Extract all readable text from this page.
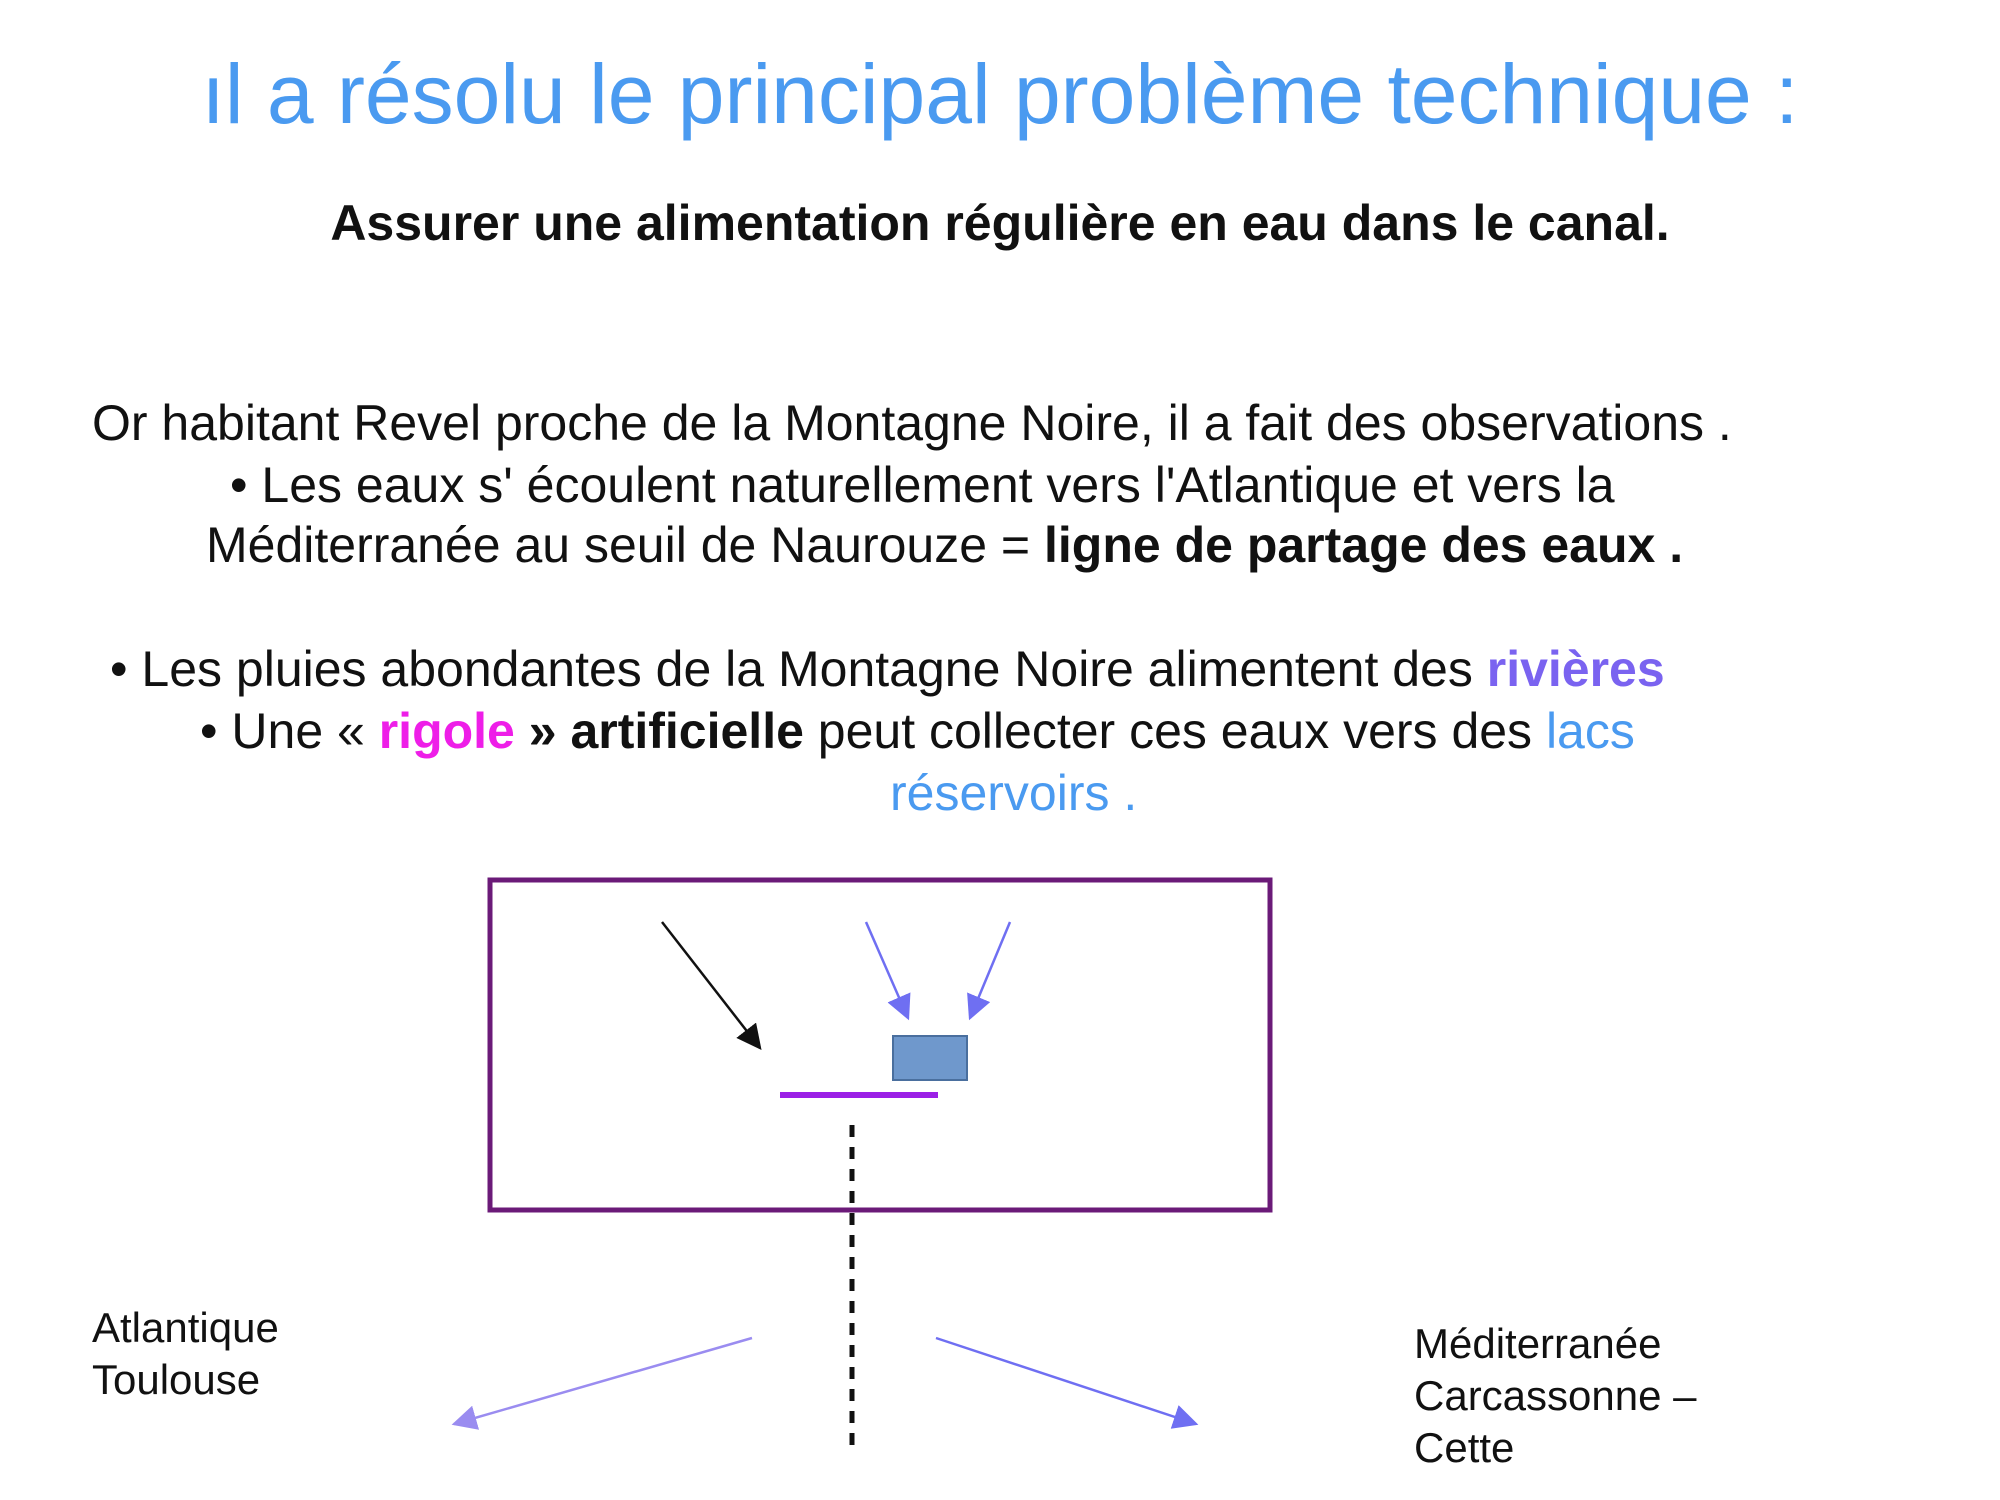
ıl a résolu le principal problème technique :
Assurer une alimentation régulière en eau dans le canal.
Or habitant Revel proche de la Montagne Noire, il a fait des observations .
• Les eaux s' écoulent naturellement vers l'Atlantique et vers la
Méditerranée au seuil de Naurouze = ligne de partage des eaux .
• Les pluies abondantes de la Montagne Noire alimentent des rivières
• Une « rigole » artificielle peut collecter ces eaux vers des lacs
réservoirs .
Atlantique
Toulouse
Méditerranée
Carcassonne –
Cette
